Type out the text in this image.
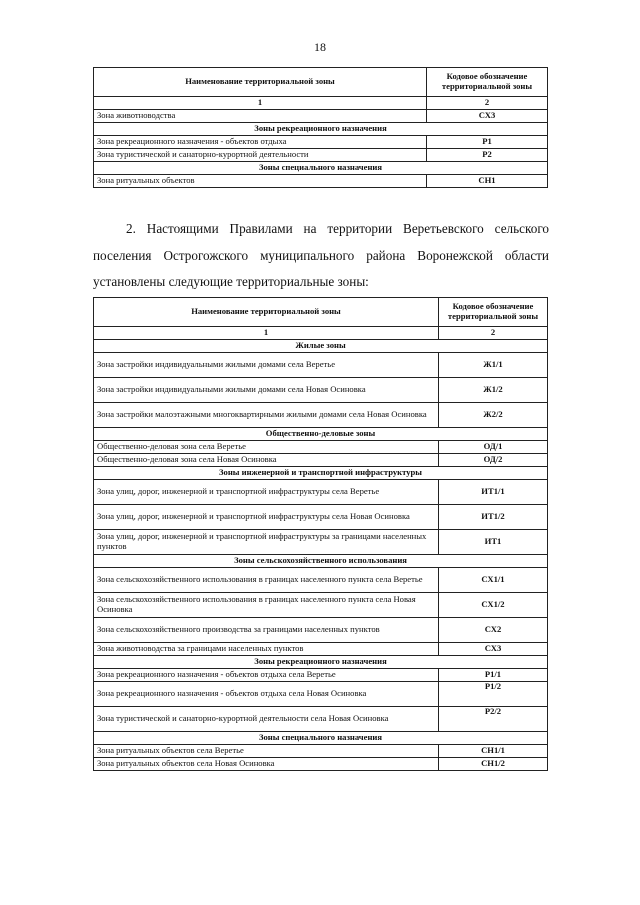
18
Наименование территориальной зоны	Кодовое обозначение территориальной зоны
1	2
Зона животноводства	СХ3
Зоны рекреационного назначения	
Зона рекреационного назначения - объектов отдыха	Р1
Зона туристической и санаторно-курортной деятельности	Р2
Зоны специального назначения	
Зона ритуальных объектов	СН1

2. Настоящими Правилами на территории Веретьевского сельского поселения Острогожского муниципального района Воронежской области установлены следующие территориальные зоны:

Наименование территориальной зоны	Кодовое обозначение территориальной зоны
1	2
Жилые зоны	
Зона застройки индивидуальными жилыми домами села Веретье	Ж1/1
Зона застройки индивидуальными жилыми домами села Новая Осиновка	Ж1/2
Зона застройки малоэтажными многоквартирными жилыми домами села Новая Осиновка	Ж2/2
Общественно-деловые зоны	
Общественно-деловая зона села Веретье	ОД/1
Общественно-деловая зона села Новая Осиновка	ОД/2
Зоны инженерной и транспортной инфраструктуры	
Зона улиц, дорог, инженерной и транспортной инфраструктуры села Веретье	ИТ1/1
Зона улиц, дорог, инженерной и транспортной инфраструктуры села Новая Осиновка	ИТ1/2
Зона улиц, дорог, инженерной и транспортной инфраструктуры за границами населенных пунктов	ИТ1
Зоны сельскохозяйственного использования	
Зона сельскохозяйственного использования в границах населенного пункта села Веретье	СХ1/1
Зона сельскохозяйственного использования в границах населенного пункта села Новая Осиновка	СХ1/2
Зона сельскохозяйственного производства за границами населенных пунктов	СХ2
Зона животноводства за границами населенных пунктов	СХ3
Зоны рекреационного назначения	
Зона рекреационного назначения - объектов отдыха села Веретье	Р1/1
Зона рекреационного назначения - объектов отдыха села Новая Осиновка	Р1/2
Зона туристической и санаторно-курортной деятельности села Новая Осиновка	Р2/2
Зоны специального назначения	
Зона ритуальных объектов села Веретье	СН1/1
Зона ритуальных объектов села Новая Осиновка	СН1/2
